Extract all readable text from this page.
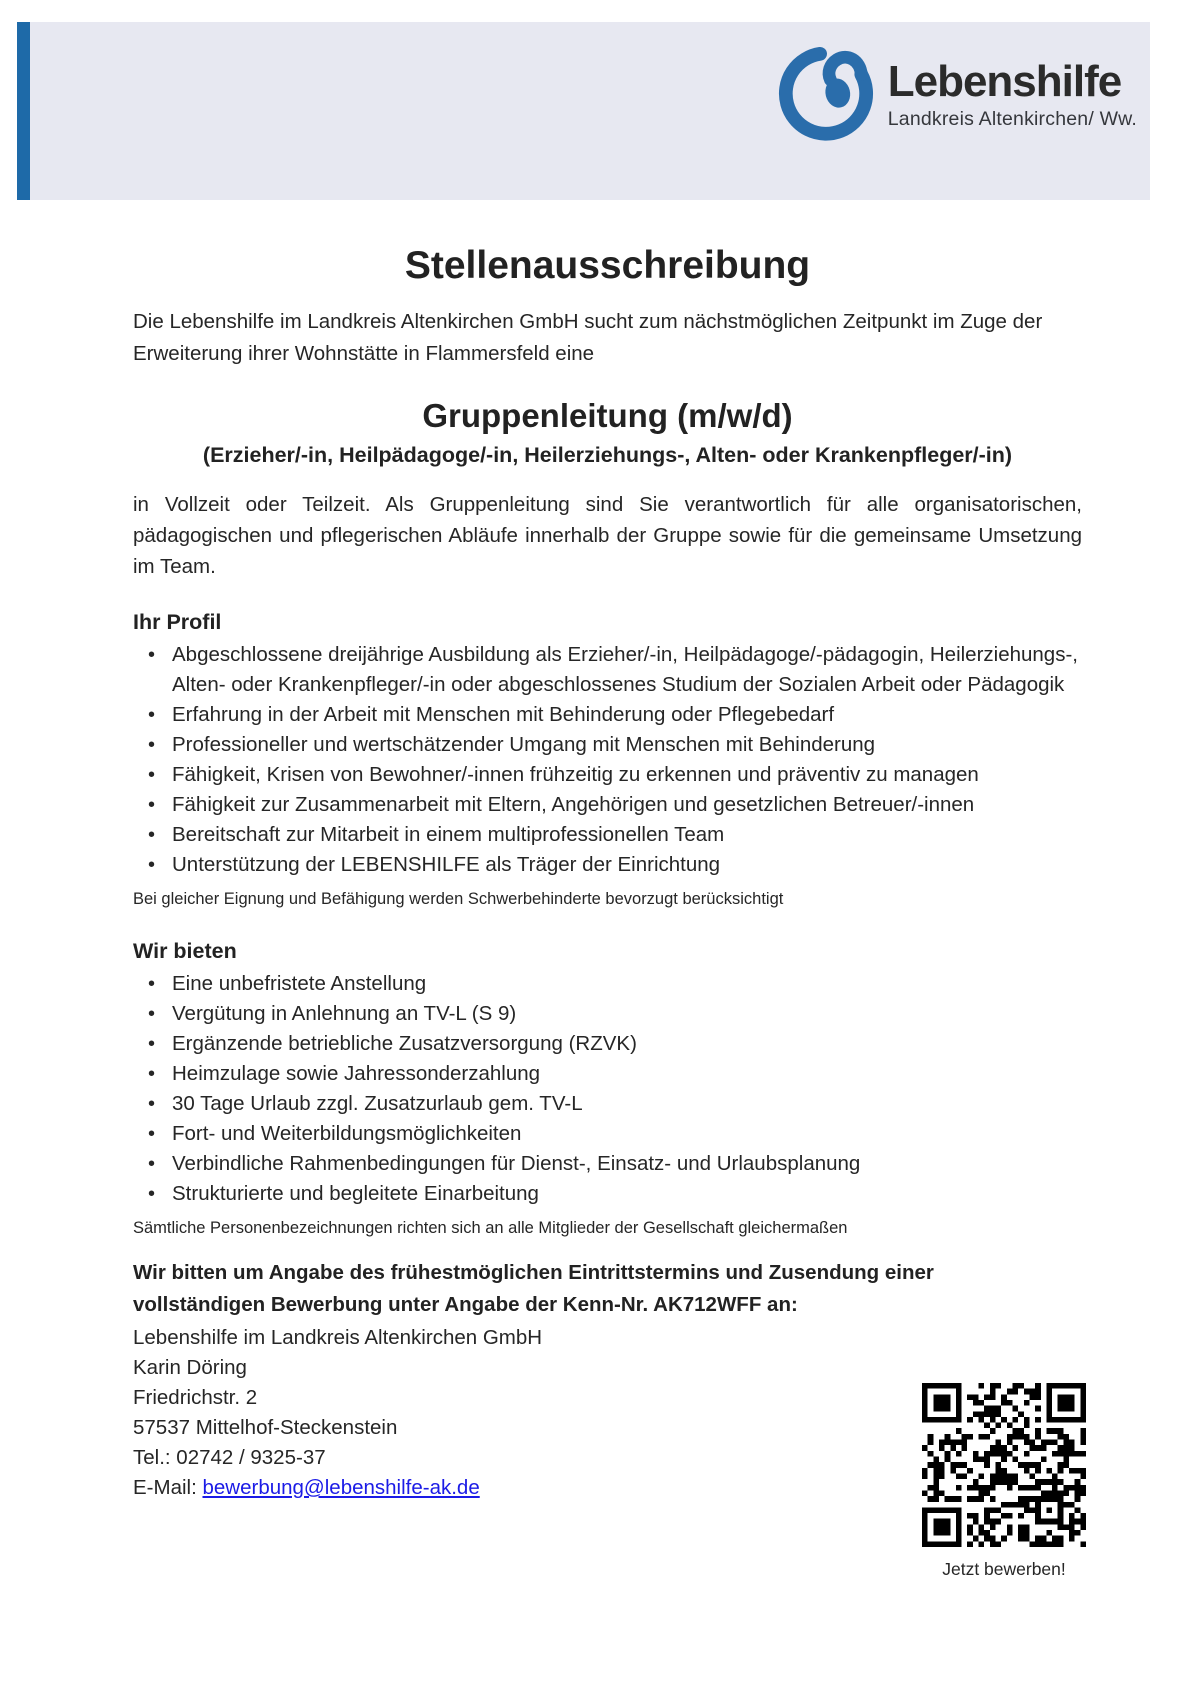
Lebenshilfe
Landkreis Altenkirchen/ Ww.
Stellenausschreibung

Die Lebenshilfe im Landkreis Altenkirchen GmbH sucht zum nächstmöglichen Zeitpunkt im Zuge der Erweiterung ihrer Wohnstätte in Flammersfeld eine

Gruppenleitung (m/w/d)
(Erzieher/-in, Heilpädagoge/-in, Heilerziehungs-, Alten- oder Krankenpfleger/-in)

in Vollzeit oder Teilzeit. Als Gruppenleitung sind Sie verantwortlich für alle organisatorischen, pädagogischen und pflegerischen Abläufe innerhalb der Gruppe sowie für die gemeinsame Umsetzung im Team.

Ihr Profil
• Abgeschlossene dreijährige Ausbildung als Erzieher/-in, Heilpädagoge/-pädagogin, Heilerziehungs-, Alten- oder Krankenpfleger/-in oder abgeschlossenes Studium der Sozialen Arbeit oder Pädagogik
• Erfahrung in der Arbeit mit Menschen mit Behinderung oder Pflegebedarf
• Professioneller und wertschätzender Umgang mit Menschen mit Behinderung
• Fähigkeit, Krisen von Bewohner/-innen frühzeitig zu erkennen und präventiv zu managen
• Fähigkeit zur Zusammenarbeit mit Eltern, Angehörigen und gesetzlichen Betreuer/-innen
• Bereitschaft zur Mitarbeit in einem multiprofessionellen Team
• Unterstützung der LEBENSHILFE als Träger der Einrichtung

Bei gleicher Eignung und Befähigung werden Schwerbehinderte bevorzugt berücksichtigt

Wir bieten
• Eine unbefristete Anstellung
• Vergütung in Anlehnung an TV-L (S 9)
• Ergänzende betriebliche Zusatzversorgung (RZVK)
• Heimzulage sowie Jahressonderzahlung
• 30 Tage Urlaub zzgl. Zusatzurlaub gem. TV-L
• Fort- und Weiterbildungsmöglichkeiten
• Verbindliche Rahmenbedingungen für Dienst-, Einsatz- und Urlaubsplanung
• Strukturierte und begleitete Einarbeitung

Sämtliche Personenbezeichnungen richten sich an alle Mitglieder der Gesellschaft gleichermaßen

Wir bitten um Angabe des frühestmöglichen Eintrittstermins und Zusendung einer vollständigen Bewerbung unter Angabe der Kenn-Nr. AK712WFF an:

Lebenshilfe im Landkreis Altenkirchen GmbH

Karin Döring

Friedrichstr. 2

57537 Mittelhof-Steckenstein

Tel.: 02742 / 9325-37

E-Mail: bewerbung@lebenshilfe-ak.de

Jetzt bewerben!
